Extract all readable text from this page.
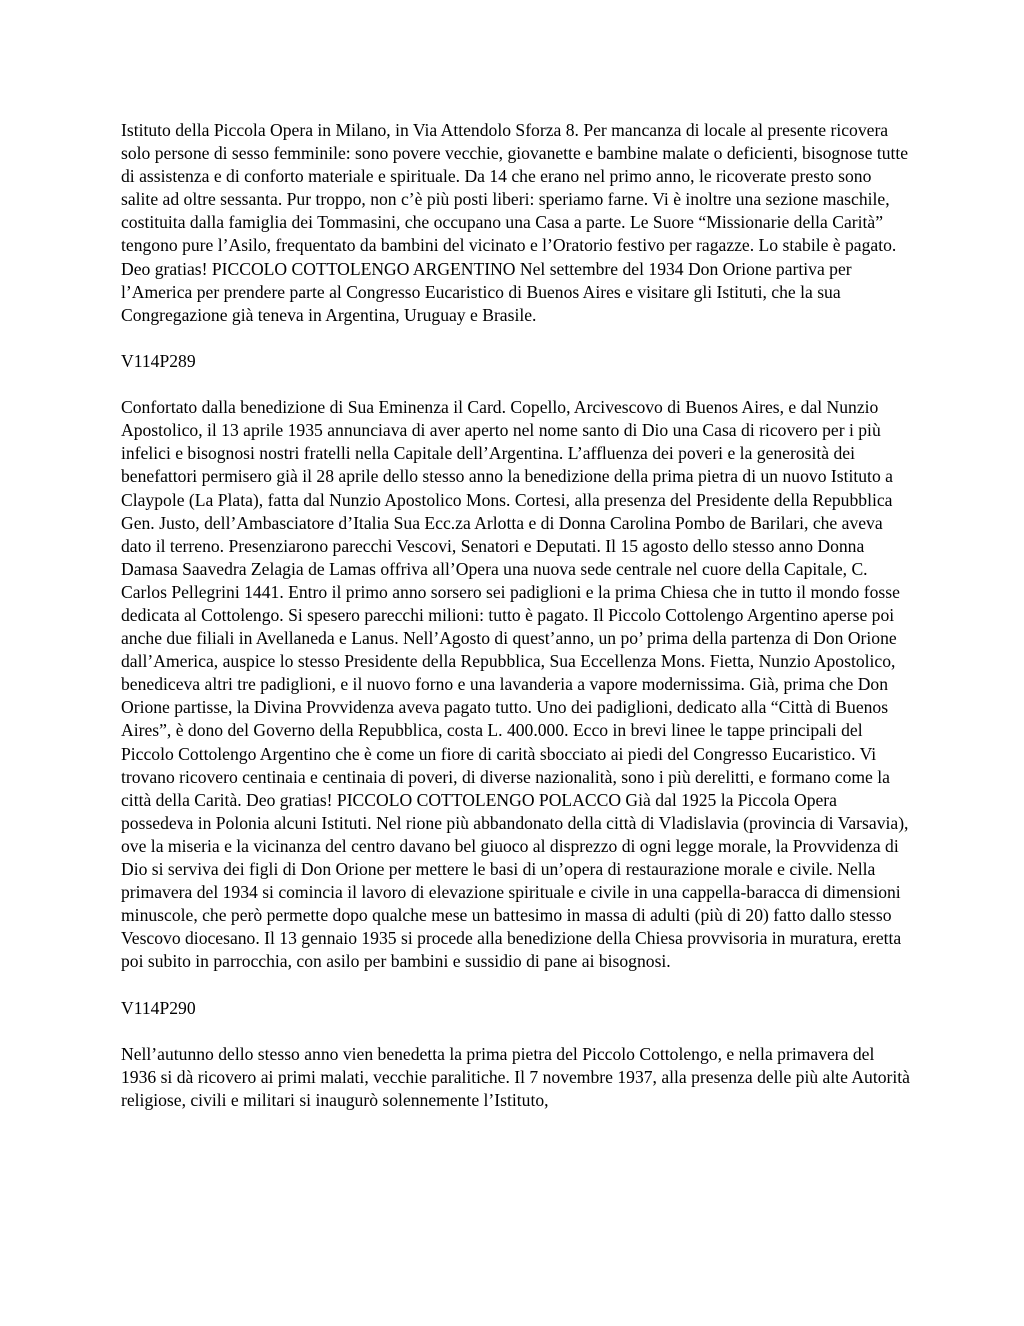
Istituto della Piccola Opera in Milano, in Via Attendolo Sforza 8. Per mancanza di locale al presente ricovera solo persone di sesso femminile: sono povere vecchie, giovanette e bambine malate o deficienti, bisognose tutte di assistenza e di conforto materiale e spirituale. Da 14 che erano nel primo anno, le ricoverate presto sono salite ad oltre sessanta. Pur troppo, non c’è più posti liberi: speriamo farne. Vi è inoltre una sezione maschile, costituita dalla famiglia dei Tommasini, che occupano una Casa a parte. Le Suore “Missionarie della Carità” tengono pure l’Asilo, frequentato da bambini del vicinato e l’Oratorio festivo per ragazze. Lo stabile è pagato. Deo gratias! PICCOLO COTTOLENGO ARGENTINO Nel settembre del 1934 Don Orione partiva per l’America per prendere parte al Congresso Eucaristico di Buenos Aires e visitare gli Istituti, che la sua Congregazione già teneva in Argentina, Uruguay e Brasile.

V114P289

Confortato dalla benedizione di Sua Eminenza il Card. Copello, Arcivescovo di Buenos Aires, e dal Nunzio Apostolico, il 13 aprile 1935 annunciava di aver aperto nel nome santo di Dio una Casa di ricovero per i più infelici e bisognosi nostri fratelli nella Capitale dell’Argentina. L’affluenza dei poveri e la generosità dei benefattori permisero già il 28 aprile dello stesso anno la benedizione della prima pietra di un nuovo Istituto a Claypole (La Plata), fatta dal Nunzio Apostolico Mons. Cortesi, alla presenza del Presidente della Repubblica Gen. Justo, dell’Ambasciatore d’Italia Sua Ecc.za Arlotta e di Donna Carolina Pombo de Barilari, che aveva dato il terreno. Presenziarono parecchi Vescovi, Senatori e Deputati. Il 15 agosto dello stesso anno Donna Damasa Saavedra Zelagia de Lamas offriva all’Opera una nuova sede centrale nel cuore della Capitale, C. Carlos Pellegrini 1441. Entro il primo anno sorsero sei padiglioni e la prima Chiesa che in tutto il mondo fosse dedicata al Cottolengo. Si spesero parecchi milioni: tutto è pagato. Il Piccolo Cottolengo Argentino aperse poi anche due filiali in Avellaneda e Lanus. Nell’Agosto di quest’anno, un po’ prima della partenza di Don Orione dall’America, auspice lo stesso Presidente della Repubblica, Sua Eccellenza Mons. Fietta, Nunzio Apostolico, benediceva altri tre padiglioni, e il nuovo forno e una lavanderia a vapore modernissima. Già, prima che Don Orione partisse, la Divina Provvidenza aveva pagato tutto. Uno dei padiglioni, dedicato alla “Città di Buenos Aires”, è dono del Governo della Repubblica, costa L. 400.000. Ecco in brevi linee le tappe principali del Piccolo Cottolengo Argentino che è come un fiore di carità sbocciato ai piedi del Congresso Eucaristico. Vi trovano ricovero centinaia e centinaia di poveri, di diverse nazionalità, sono i più derelitti, e formano come la città della Carità. Deo gratias! PICCOLO COTTOLENGO POLACCO Già dal 1925 la Piccola Opera possedeva in Polonia alcuni Istituti. Nel rione più abbandonato della città di Vladislavia (provincia di Varsavia), ove la miseria e la vicinanza del centro davano bel giuoco al disprezzo di ogni legge morale, la Provvidenza di Dio si serviva dei figli di Don Orione per mettere le basi di un’opera di restaurazione morale e civile. Nella primavera del 1934 si comincia il lavoro di elevazione spirituale e civile in una cappella-baracca di dimensioni minuscole, che però permette dopo qualche mese un battesimo in massa di adulti (più di 20) fatto dallo stesso Vescovo diocesano. Il 13 gennaio 1935 si procede alla benedizione della Chiesa provvisoria in muratura, eretta poi subito in parrocchia, con asilo per bambini e sussidio di pane ai bisognosi.

V114P290

Nell’autunno dello stesso anno vien benedetta la prima pietra del Piccolo Cottolengo, e nella primavera del 1936 si dà ricovero ai primi malati, vecchie paralitiche. Il 7 novembre 1937, alla presenza delle più alte Autorità religiose, civili e militari si inaugurò solennemente l’Istituto,
